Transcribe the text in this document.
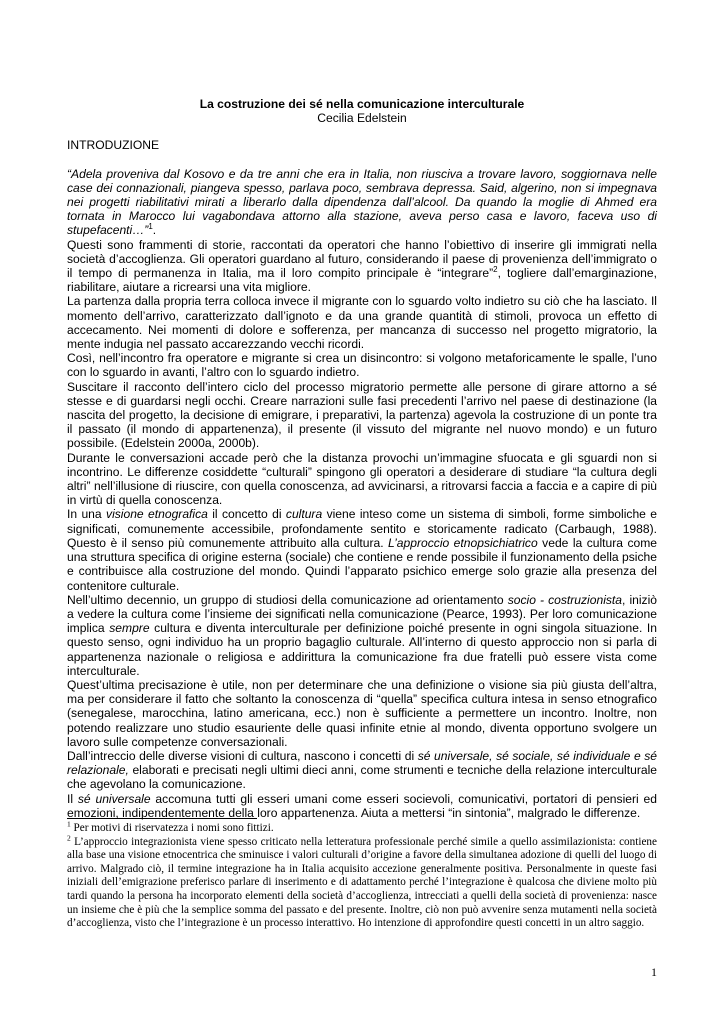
La costruzione dei sé nella comunicazione interculturale
Cecilia Edelstein
INTRODUZIONE

“Adela proveniva dal Kosovo e da tre anni che era in Italia, non riusciva a trovare lavoro, soggiornava nelle case dei connazionali, piangeva spesso, parlava poco, sembrava depressa. Said, algerino, non si impegnava nei progetti riabilitativi mirati a liberarlo dalla dipendenza dall’alcool. Da quando la moglie di Ahmed era tornata in Marocco lui vagabondava attorno alla stazione, aveva perso casa e lavoro, faceva uso di stupefacenti…”$^1$.

Questi sono frammenti di storie, raccontati da operatori che hanno l’obiettivo di inserire gli immigrati nella società d’accoglienza. Gli operatori guardano al futuro, considerando il paese di provenienza dell’immigrato o il tempo di permanenza in Italia, ma il loro compito principale è “integrare”$^2$, togliere dall’emarginazione, riabilitare, aiutare a ricrearsi una vita migliore.

La partenza dalla propria terra colloca invece il migrante con lo sguardo volto indietro su ciò che ha lasciato. Il momento dell’arrivo, caratterizzato dall’ignoto e da una grande quantità di stimoli, provoca un effetto di accecamento. Nei momenti di dolore e sofferenza, per mancanza di successo nel progetto migratorio, la mente indugia nel passato accarezzando vecchi ricordi.

Così, nell’incontro fra operatore e migrante si crea un disincontro: si volgono metaforicamente le spalle, l’uno con lo sguardo in avanti, l’altro con lo sguardo indietro.

Suscitare il racconto dell’intero ciclo del processo migratorio permette alle persone di girare attorno a sé stesse e di guardarsi negli occhi. Creare narrazioni sulle fasi precedenti l’arrivo nel paese di destinazione (la nascita del progetto, la decisione di emigrare, i preparativi, la partenza) agevola la costruzione di un ponte tra il passato (il mondo di appartenenza), il presente (il vissuto del migrante nel nuovo mondo) e un futuro possibile. (Edelstein 2000a, 2000b).

Durante le conversazioni accade però che la distanza provochi un’immagine sfuocata e gli sguardi non si incontrino. Le differenze cosiddette “culturali” spingono gli operatori a desiderare di studiare “la cultura degli altri” nell’illusione di riuscire, con quella conoscenza, ad avvicinarsi, a ritrovarsi faccia a faccia e a capire di più in virtù di quella conoscenza.

In una visione etnografica il concetto di cultura viene inteso come un sistema di simboli, forme simboliche e significati, comunemente accessibile, profondamente sentito e storicamente radicato (Carbaugh, 1988). Questo è il senso più comunemente attribuito alla cultura. L’approccio etnopsichiatrico vede la cultura come una struttura specifica di origine esterna (sociale) che contiene e rende possibile il funzionamento della psiche e contribuisce alla costruzione del mondo. Quindi l’apparato psichico emerge solo grazie alla presenza del contenitore culturale.

Nell’ultimo decennio, un gruppo di studiosi della comunicazione ad orientamento socio - costruzionista, iniziò a vedere la cultura come l’insieme dei significati nella comunicazione (Pearce, 1993). Per loro comunicazione implica sempre cultura e diventa interculturale per definizione poiché presente in ogni singola situazione. In questo senso, ogni individuo ha un proprio bagaglio culturale. All’interno di questo approccio non si parla di appartenenza nazionale o religiosa e addirittura la comunicazione fra due fratelli può essere vista come interculturale.

Quest’ultima precisazione è utile, non per determinare che una definizione o visione sia più giusta dell’altra, ma per considerare il fatto che soltanto la conoscenza di “quella” specifica cultura intesa in senso etnografico (senegalese, marocchina, latino americana, ecc.) non è sufficiente a permettere un incontro. Inoltre, non potendo realizzare uno studio esauriente delle quasi infinite etnie al mondo, diventa opportuno svolgere un lavoro sulle competenze conversazionali.

Dall’intreccio delle diverse visioni di cultura, nascono i concetti di sé universale, sé sociale, sé individuale e sé relazionale, elaborati e precisati negli ultimi dieci anni, come strumenti e tecniche della relazione interculturale che agevolano la comunicazione.

Il sé universale accomuna tutti gli esseri umani come esseri socievoli, comunicativi, portatori di pensieri ed emozioni, indipendentemente della loro appartenenza. Aiuta a mettersi “in sintonia”, malgrado le differenze.

$^1$ Per motivi di riservatezza i nomi sono fittizi.

$^2$ L’approccio integrazionista viene spesso criticato nella letteratura professionale perché simile a quello assimilazionista: contiene alla base una visione etnocentrica che sminuisce i valori culturali d’origine a favore della simultanea adozione di quelli del luogo di arrivo. Malgrado ciò, il termine integrazione ha in Italia acquisito accezione generalmente positiva. Personalmente in queste fasi iniziali dell’emigrazione preferisco parlare di inserimento e di adattamento perché l’integrazione è qualcosa che diviene molto più tardi quando la persona ha incorporato elementi della società d’accoglienza, intrecciati a quelli della società di provenienza: nasce un insieme che è più che la semplice somma del passato e del presente. Inoltre, ciò non può avvenire senza mutamenti nella società d’accoglienza, visto che l’integrazione è un processo interattivo. Ho intenzione di approfondire questi concetti in un altro saggio.

1
